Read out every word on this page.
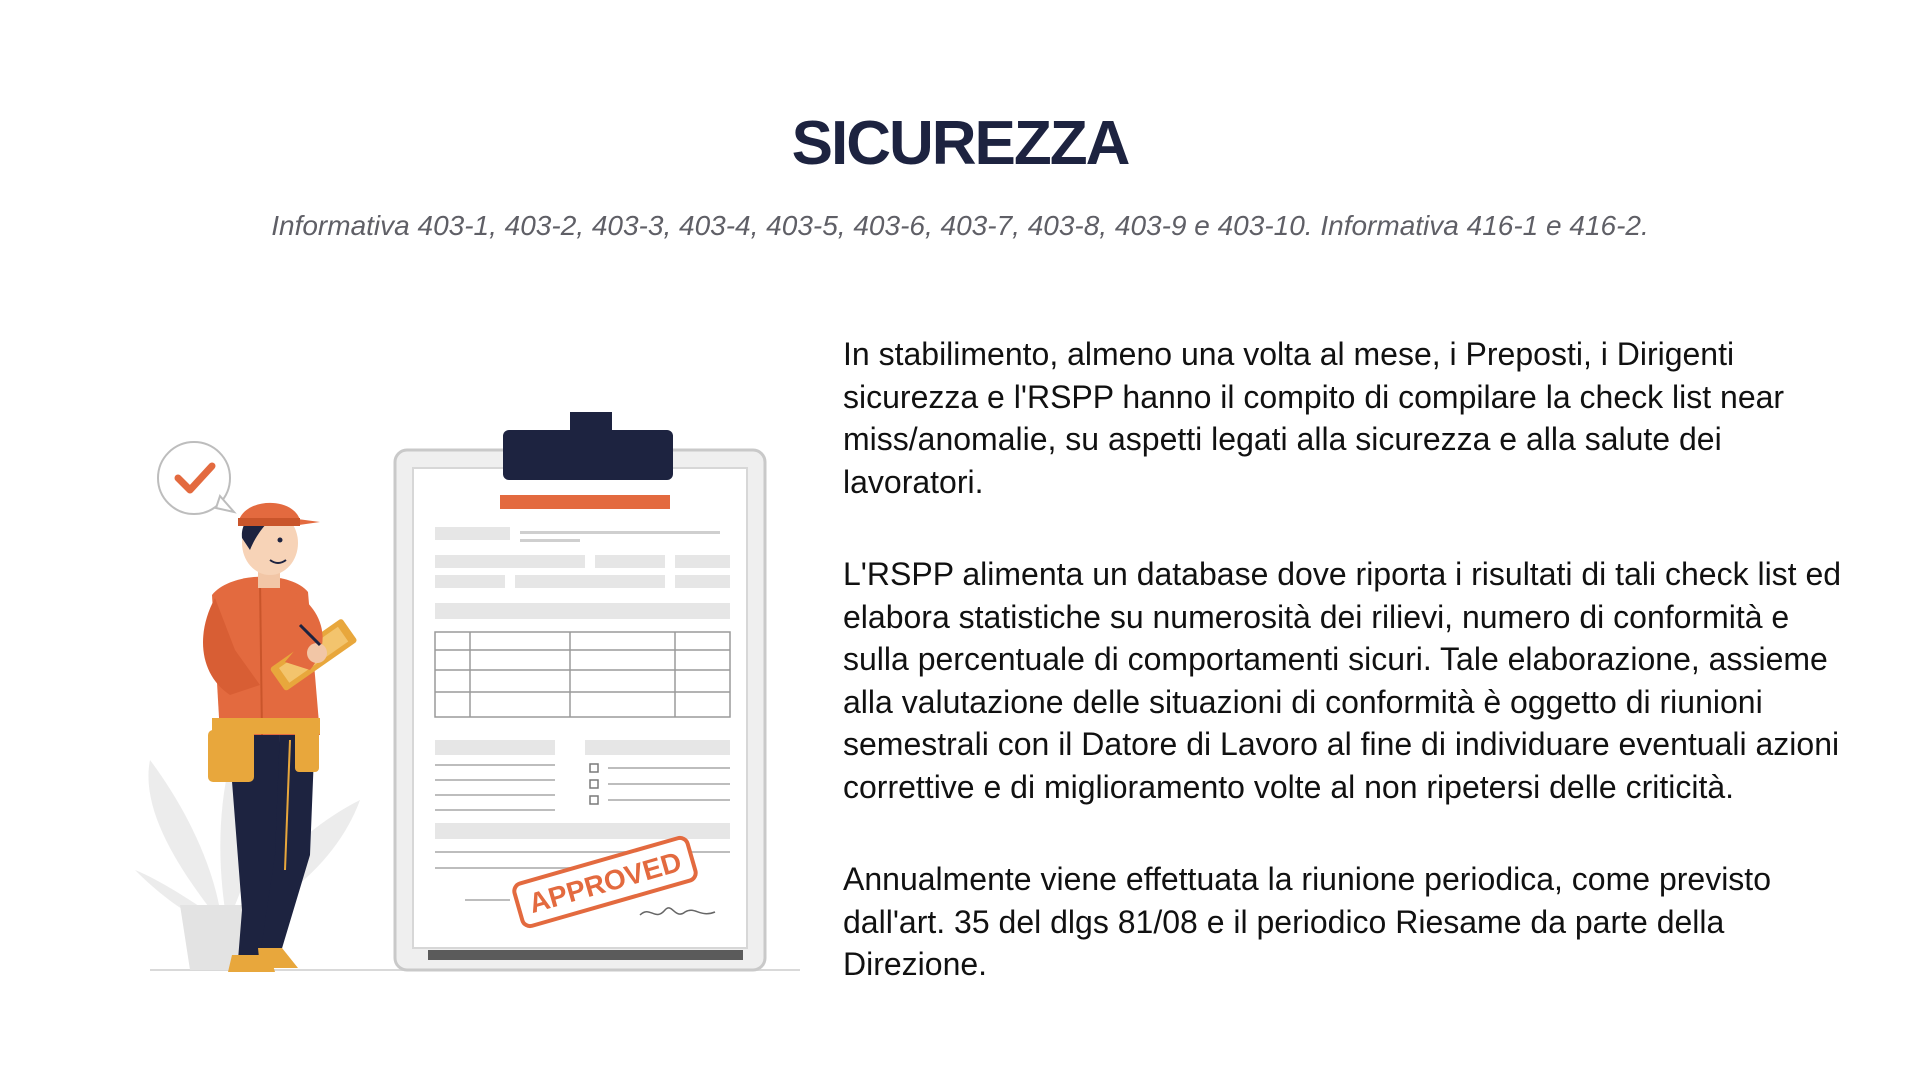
SICUREZZA

Informativa 403-1, 403-2, 403-3, 403-4, 403-5, 403-6, 403-7, 403-8, 403-9 e 403-10. Informativa 416-1 e 416-2.

APPROVED

In stabilimento, almeno una volta al mese, i Preposti, i Dirigenti sicurezza e l'RSPP hanno il compito di compilare la check list near miss/anomalie, su aspetti legati alla sicurezza e alla salute dei lavoratori.

L'RSPP alimenta un database dove riporta i risultati di tali check list ed elabora statistiche su numerosità dei rilievi, numero di conformità e sulla percentuale di comportamenti sicuri. Tale elaborazione, assieme alla valutazione delle situazioni di conformità è oggetto di riunioni semestrali con il Datore di Lavoro al fine di individuare eventuali azioni correttive e di miglioramento volte al non ripetersi delle criticità.

Annualmente viene effettuata la riunione periodica, come previsto dall'art. 35 del dlgs 81/08 e il periodico Riesame da parte della Direzione.
